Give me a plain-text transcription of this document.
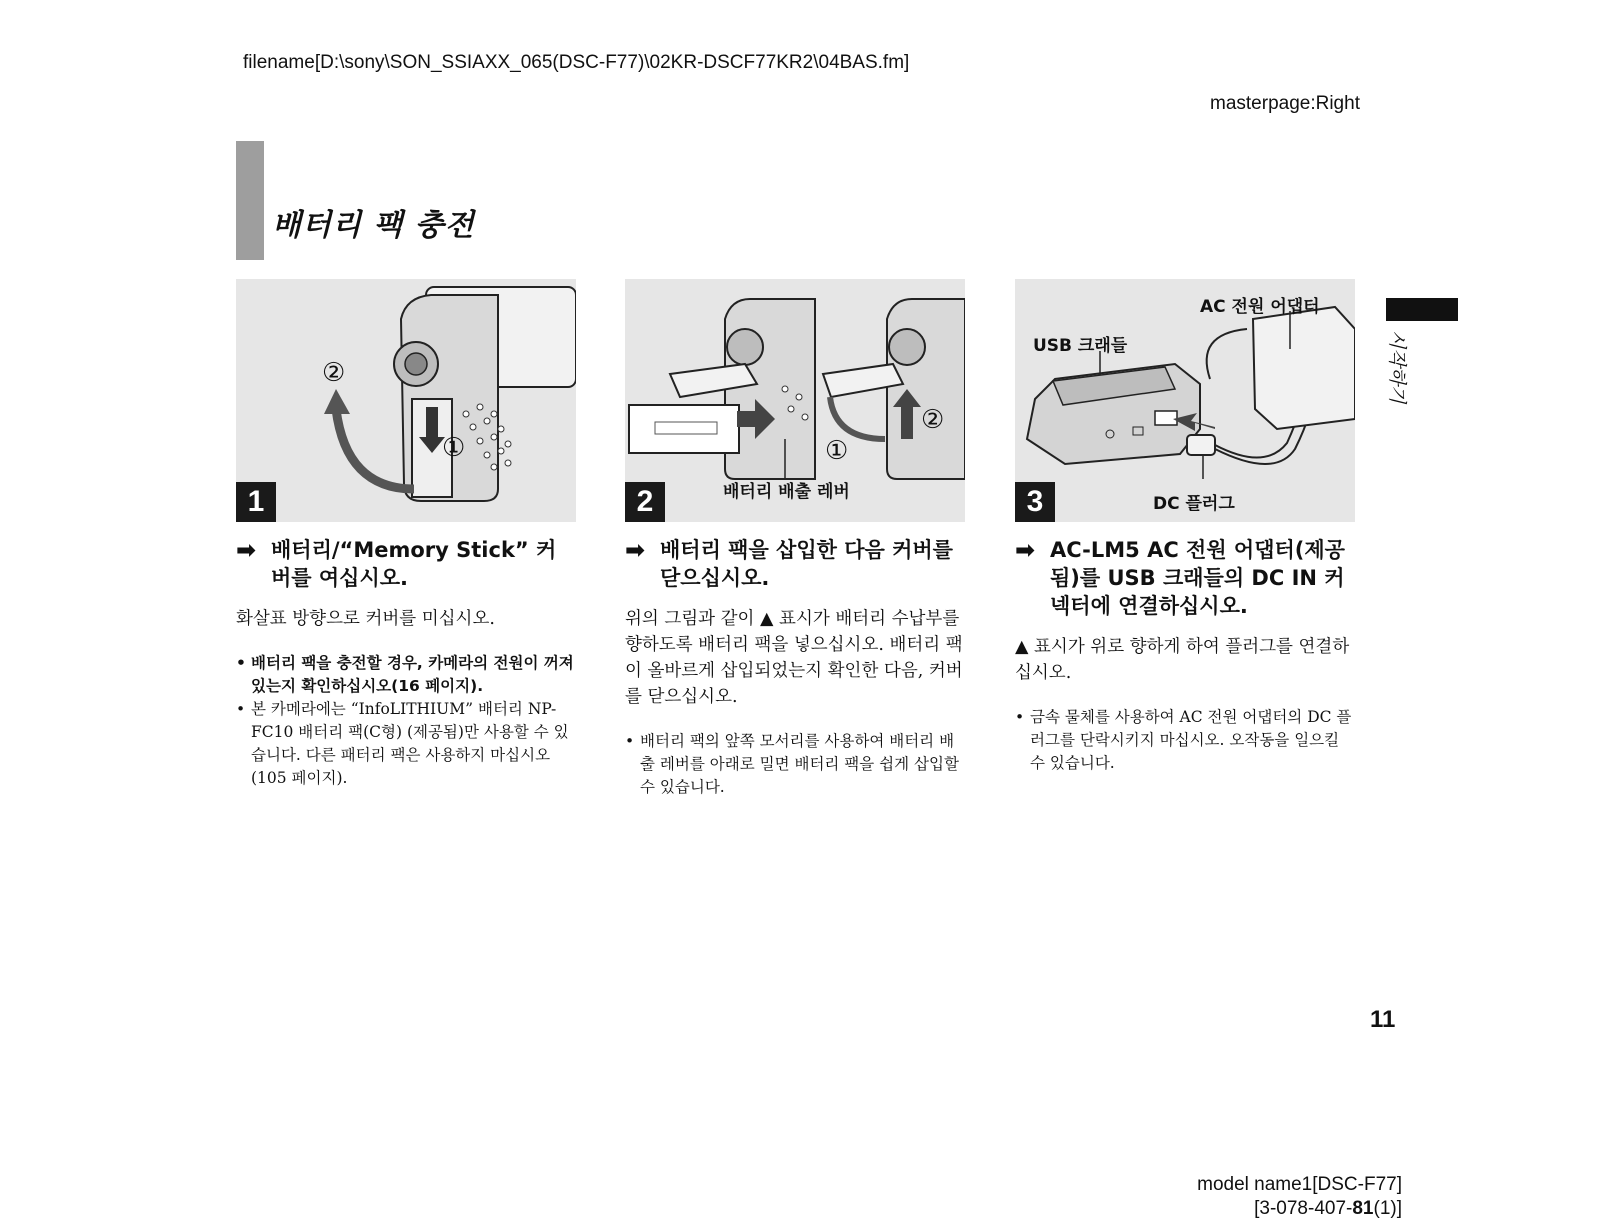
filename[D:\sony\SON_SSIAXX_065(DSC-F77)\02KR-DSCF77KR2\04BAS.fm]
masterpage:Right
배터리 팩 충전
시작하기
②
①
1	배터리 배출 레버
①
②
2
AC 전원 어댑터
USB 크래들
DC 플러그
3
➡ 배터리/“Memory Stick” 커버를 여십시오.
화살표 방향으로 커버를 미십시오.
• 배터리 팩을 충전할 경우, 카메라의 전원이 꺼져 있는지 확인하십시오(16 페이지).
• 본 카메라에는 “InfoLITHIUM” 배터리 NP-FC10 배터리 팩(C형) (제공됨)만 사용할 수 있습니다. 다른 패터리 팩은 사용하지 마십시오(105 페이지).
➡ 배터리 팩을 삽입한 다음 커버를 닫으십시오.
위의 그림과 같이 ▲ 표시가 배터리 수납부를 향하도록 배터리 팩을 넣으십시오. 배터리 팩이 올바르게 삽입되었는지 확인한 다음, 커버를 닫으십시오.
• 배터리 팩의 앞쪽 모서리를 사용하여 배터리 배출 레버를 아래로 밀면 배터리 팩을 쉽게 삽입할 수 있습니다.
➡ AC-LM5 AC 전원 어댑터(제공됨)를 USB 크래들의 DC IN 커넥터에 연결하십시오.
▲ 표시가 위로 향하게 하여 플러그를 연결하십시오.
• 금속 물체를 사용하여 AC 전원 어댑터의 DC 플러그를 단락시키지 마십시오. 오작동을 일으킬 수 있습니다.
11
model name1[DSC-F77]
[3-078-407-81(1)]
